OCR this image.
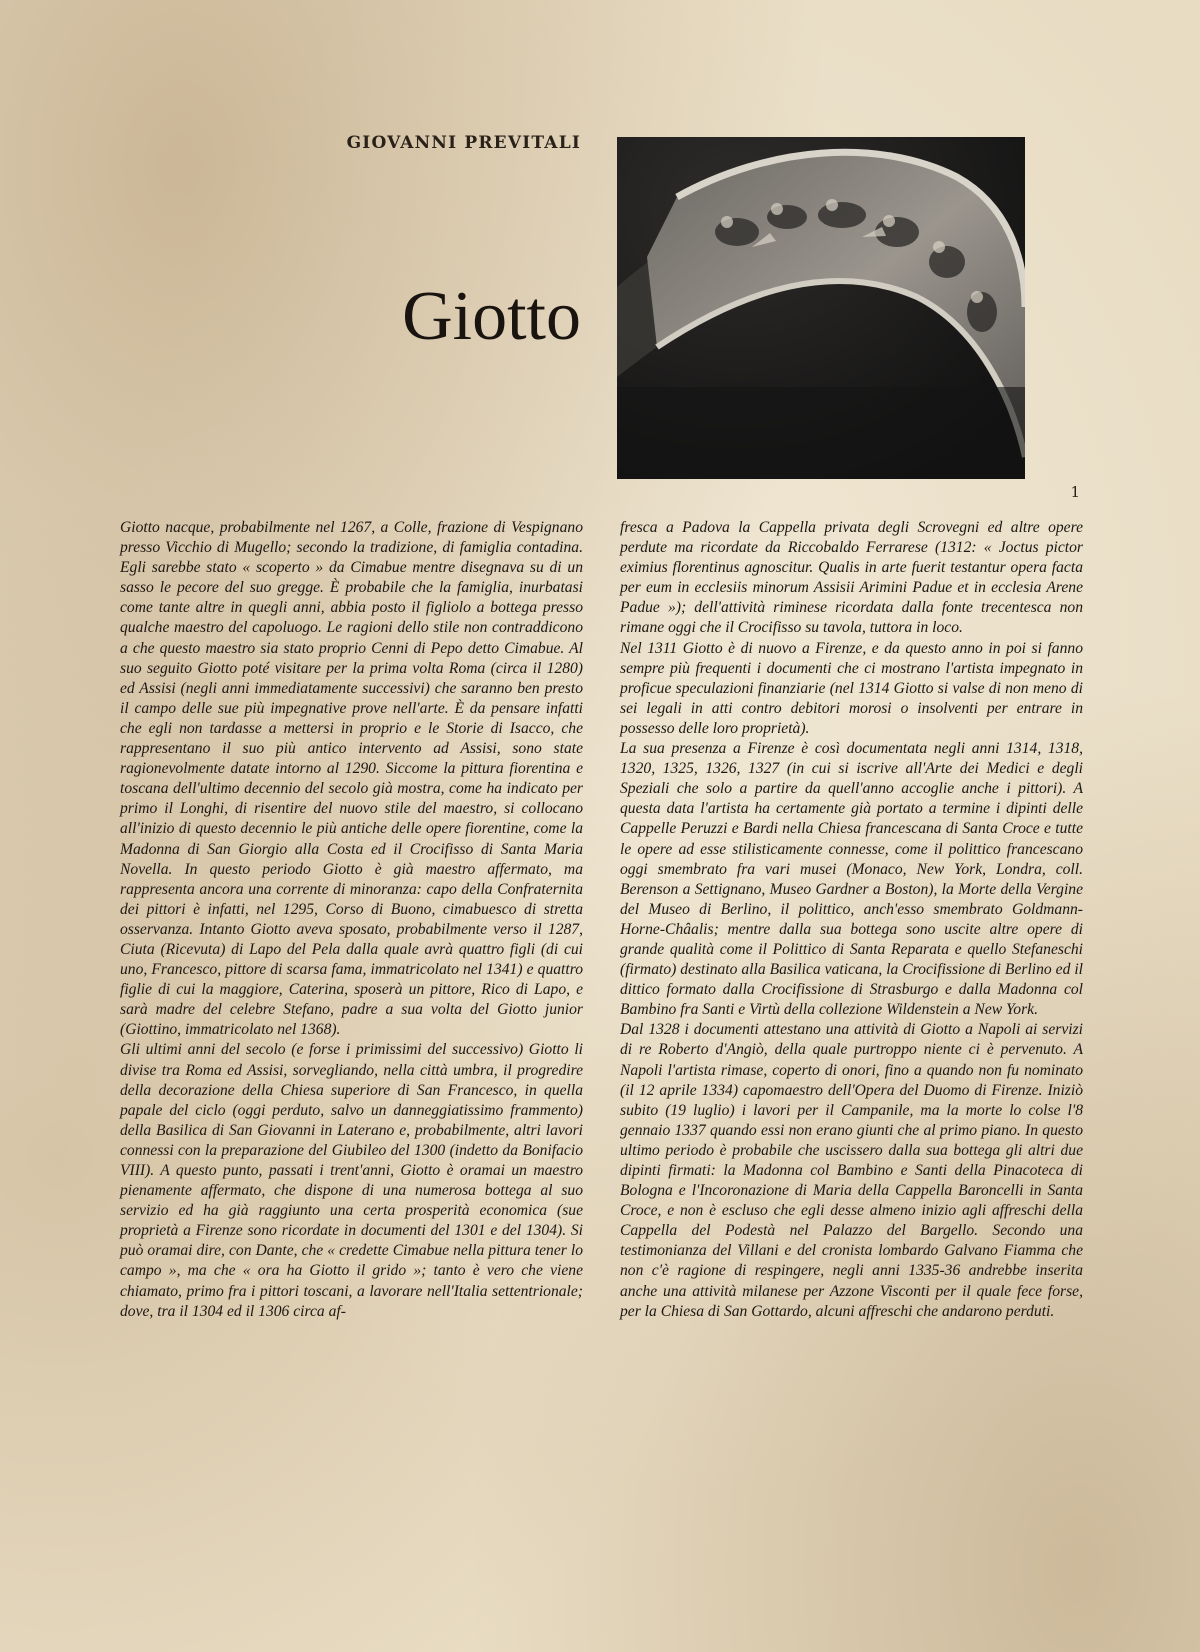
GIOVANNI PREVITALI
Giotto
1

Giotto nacque, probabilmente nel 1267, a Colle, frazione di Vespignano presso Vicchio di Mugello; secondo la tradizione, di famiglia contadina. Egli sarebbe stato « scoperto » da Cimabue mentre disegnava su di un sasso le pecore del suo gregge. È probabile che la famiglia, inurbatasi come tante altre in quegli anni, abbia posto il figliolo a bottega presso qualche maestro del capoluogo. Le ragioni dello stile non contraddicono a che questo maestro sia stato proprio Cenni di Pepo detto Cimabue. Al suo seguito Giotto poté visitare per la prima volta Roma (circa il 1280) ed Assisi (negli anni immediatamente successivi) che saranno ben presto il campo delle sue più impegnative prove nell'arte. È da pensare infatti che egli non tardasse a mettersi in proprio e le Storie di Isacco, che rappresentano il suo più antico intervento ad Assisi, sono state ragionevolmente datate intorno al 1290. Siccome la pittura fiorentina e toscana dell'ultimo decennio del secolo già mostra, come ha indicato per primo il Longhi, di risentire del nuovo stile del maestro, si collocano all'inizio di questo decennio le più antiche delle opere fiorentine, come la Madonna di San Giorgio alla Costa ed il Crocifisso di Santa Maria Novella. In questo periodo Giotto è già maestro affermato, ma rappresenta ancora una corrente di minoranza: capo della Confraternita dei pittori è infatti, nel 1295, Corso di Buono, cimabuesco di stretta osservanza. Intanto Giotto aveva sposato, probabilmente verso il 1287, Ciuta (Ricevuta) di Lapo del Pela dalla quale avrà quattro figli (di cui uno, Francesco, pittore di scarsa fama, immatricolato nel 1341) e quattro figlie di cui la maggiore, Caterina, sposerà un pittore, Rico di Lapo, e sarà madre del celebre Stefano, padre a sua volta del Giotto junior (Giottino, immatricolato nel 1368).

Gli ultimi anni del secolo (e forse i primissimi del successivo) Giotto li divise tra Roma ed Assisi, sorvegliando, nella città umbra, il progredire della decorazione della Chiesa superiore di San Francesco, in quella papale del ciclo (oggi perduto, salvo un danneggiatissimo frammento) della Basilica di San Giovanni in Laterano e, probabilmente, altri lavori connessi con la preparazione del Giubileo del 1300 (indetto da Bonifacio VIII). A questo punto, passati i trent'anni, Giotto è oramai un maestro pienamente affermato, che dispone di una numerosa bottega al suo servizio ed ha già raggiunto una certa prosperità economica (sue proprietà a Firenze sono ricordate in documenti del 1301 e del 1304). Si può oramai dire, con Dante, che « credette Cimabue nella pittura tener lo campo », ma che « ora ha Giotto il grido »; tanto è vero che viene chiamato, primo fra i pittori toscani, a lavorare nell'Italia settentrionale; dove, tra il 1304 ed il 1306 circa af-

fresca a Padova la Cappella privata degli Scrovegni ed altre opere perdute ma ricordate da Riccobaldo Ferrarese (1312: « Joctus pictor eximius florentinus agnoscitur. Qualis in arte fuerit testantur opera facta per eum in ecclesiis minorum Assisii Arimini Padue et in ecclesia Arene Padue »); dell'attività riminese ricordata dalla fonte trecentesca non rimane oggi che il Crocifisso su tavola, tuttora in loco.

Nel 1311 Giotto è di nuovo a Firenze, e da questo anno in poi si fanno sempre più frequenti i documenti che ci mostrano l'artista impegnato in proficue speculazioni finanziarie (nel 1314 Giotto si valse di non meno di sei legali in atti contro debitori morosi o insolventi per entrare in possesso delle loro proprietà).

La sua presenza a Firenze è così documentata negli anni 1314, 1318, 1320, 1325, 1326, 1327 (in cui si iscrive all'Arte dei Medici e degli Speziali che solo a partire da quell'anno accoglie anche i pittori). A questa data l'artista ha certamente già portato a termine i dipinti delle Cappelle Peruzzi e Bardi nella Chiesa francescana di Santa Croce e tutte le opere ad esse stilisticamente connesse, come il polittico francescano oggi smembrato fra vari musei (Monaco, New York, Londra, coll. Berenson a Settignano, Museo Gardner a Boston), la Morte della Vergine del Museo di Berlino, il polittico, anch'esso smembrato Goldmann-Horne-Châalis; mentre dalla sua bottega sono uscite altre opere di grande qualità come il Polittico di Santa Reparata e quello Stefaneschi (firmato) destinato alla Basilica vaticana, la Crocifissione di Berlino ed il dittico formato dalla Crocifissione di Strasburgo e dalla Madonna col Bambino fra Santi e Virtù della collezione Wildenstein a New York.

Dal 1328 i documenti attestano una attività di Giotto a Napoli ai servizi di re Roberto d'Angiò, della quale purtroppo niente ci è pervenuto. A Napoli l'artista rimase, coperto di onori, fino a quando non fu nominato (il 12 aprile 1334) capomaestro dell'Opera del Duomo di Firenze. Iniziò subito (19 luglio) i lavori per il Campanile, ma la morte lo colse l'8 gennaio 1337 quando essi non erano giunti che al primo piano. In questo ultimo periodo è probabile che uscissero dalla sua bottega gli altri due dipinti firmati: la Madonna col Bambino e Santi della Pinacoteca di Bologna e l'Incoronazione di Maria della Cappella Baroncelli in Santa Croce, e non è escluso che egli desse almeno inizio agli affreschi della Cappella del Podestà nel Palazzo del Bargello. Secondo una testimonianza del Villani e del cronista lombardo Galvano Fiamma che non c'è ragione di respingere, negli anni 1335-36 andrebbe inserita anche una attività milanese per Azzone Visconti per il quale fece forse, per la Chiesa di San Gottardo, alcuni affreschi che andarono perduti.
